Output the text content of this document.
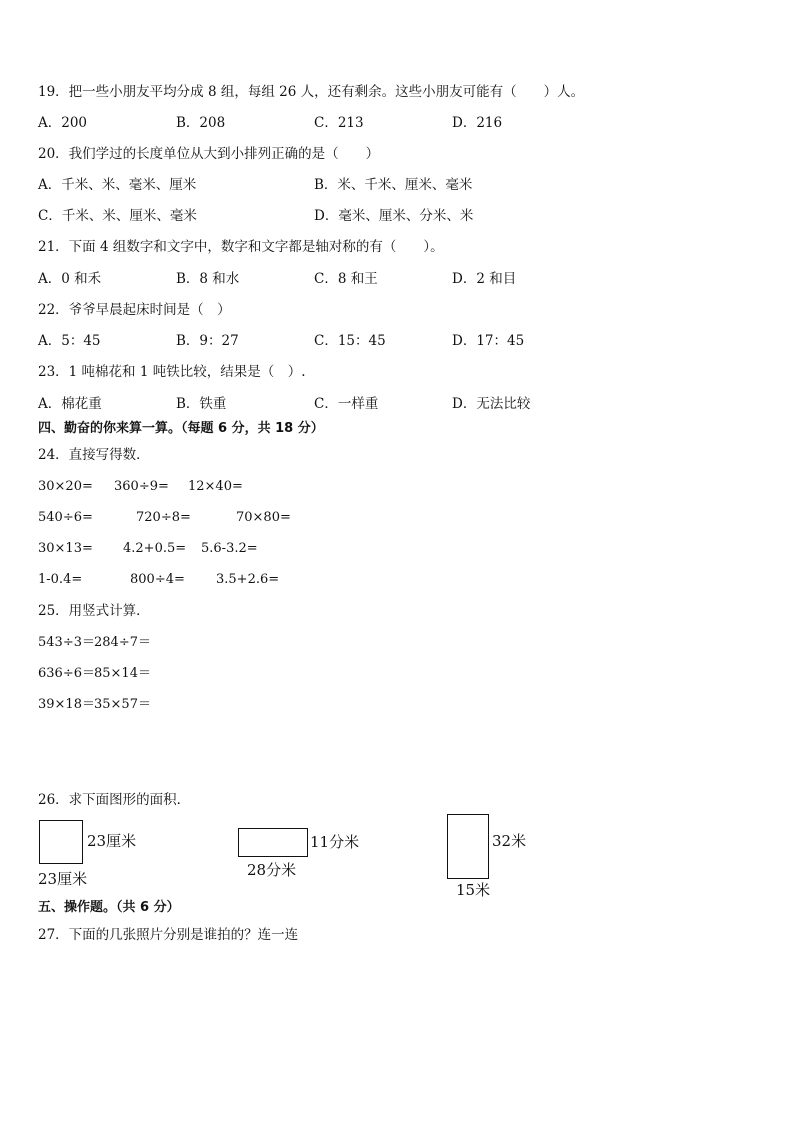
19．把一些小朋友平均分成 8 组，每组 26 人，还有剩余。这些小朋友可能有（　　）人。
A．200	B．208	C．213	D．216
20．我们学过的长度单位从大到小排列正确的是（　　）
A．千米、米、毫米、厘米	B．米、千米、厘米、毫米
C．千米、米、厘米、毫米	D．毫米、厘米、分米、米
21．下面 4 组数字和文字中，数字和文字都是轴对称的有（　　）。
A．0 和禾	B．8 和水	C．8 和王	D．2 和目
22．爷爷早晨起床时间是（　）
A．5：45	B．9：27	C．15：45	D．17：45
23．1 吨棉花和 1 吨铁比较，结果是（　）.
A．棉花重	B．铁重	C．一样重	D．无法比较
四、勤奋的你来算一算。（每题 6 分，共 18 分）
24．直接写得数．
30×20= 360÷9= 12×40=
540÷6=	720÷8=	70×80=
30×13= 4.2+0.5= 5.6-3.2=
1-0.4=	800÷4= 3.5+2.6=
25．用竖式计算．
543÷3＝ 284÷7＝
636÷6＝ 85×14＝
39×18＝ 35×57＝
26．求下面图形的面积．
23厘米
23厘米
11分米
28分米
32米
15米
五、操作题。（共 6 分）
27．下面的几张照片分别是谁拍的？连一连
